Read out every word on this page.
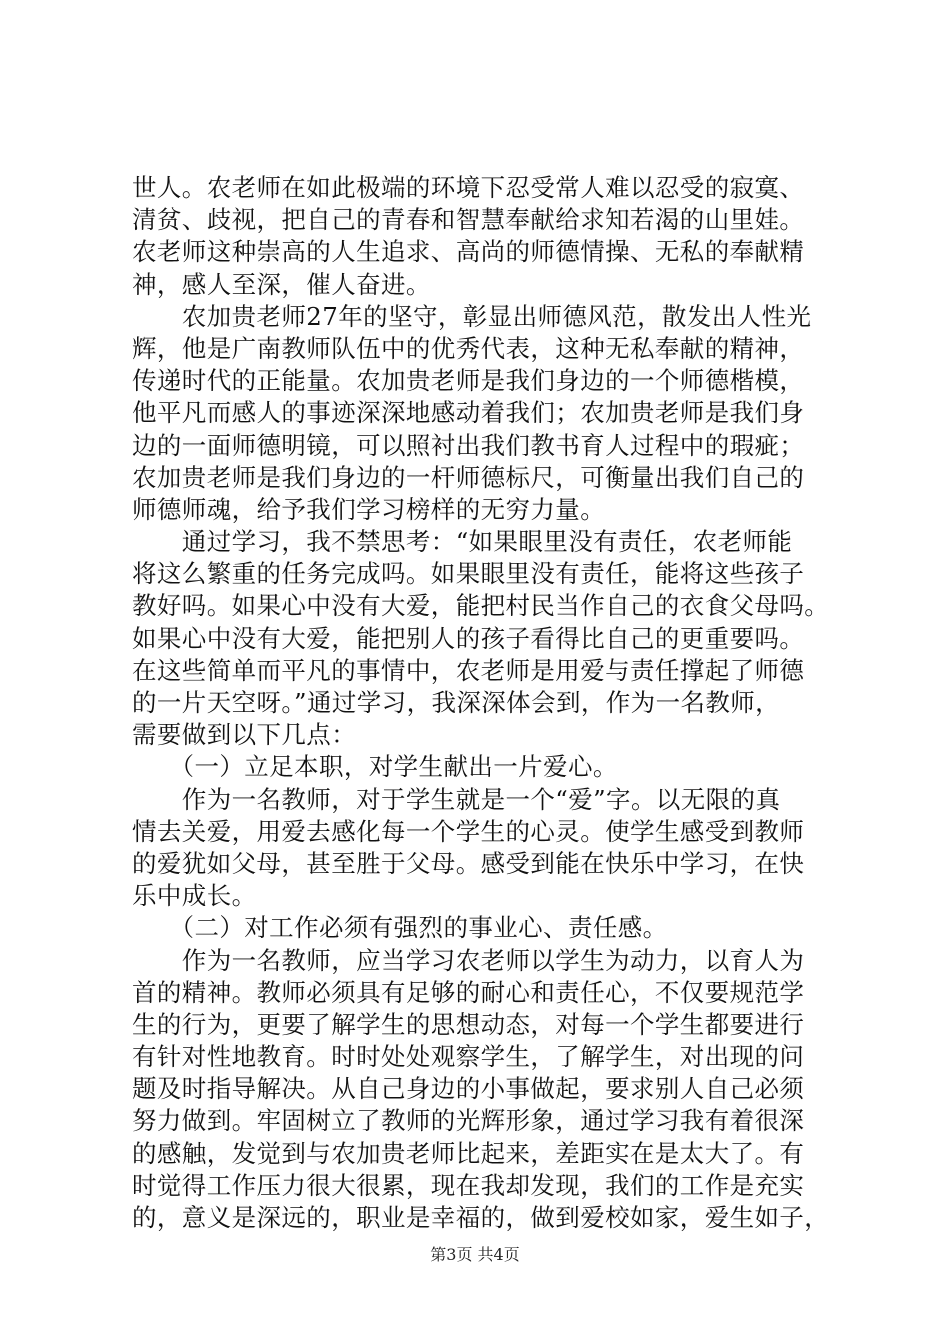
世人。农老师在如此极端的环境下忍受常人难以忍受的寂寞、
清贫、歧视，把自己的青春和智慧奉献给求知若渴的山里娃。
农老师这种崇高的人生追求、高尚的师德情操、无私的奉献精
神，感人至深，催人奋进。
　　农加贵老师27年的坚守，彰显出师德风范，散发出人性光
辉，他是广南教师队伍中的优秀代表，这种无私奉献的精神，
传递时代的正能量。农加贵老师是我们身边的一个师德楷模，
他平凡而感人的事迹深深地感动着我们；农加贵老师是我们身
边的一面师德明镜，可以照衬出我们教书育人过程中的瑕疵；
农加贵老师是我们身边的一杆师德标尺，可衡量出我们自己的
师德师魂，给予我们学习榜样的无穷力量。
　　通过学习，我不禁思考：“如果眼里没有责任，农老师能
将这么繁重的任务完成吗。如果眼里没有责任，能将这些孩子
教好吗。如果心中没有大爱，能把村民当作自己的衣食父母吗。
如果心中没有大爱，能把别人的孩子看得比自己的更重要吗。
在这些简单而平凡的事情中，农老师是用爱与责任撑起了师德
的一片天空呀。”通过学习，我深深体会到，作为一名教师，
需要做到以下几点：
　　（一）立足本职，对学生献出一片爱心。
　　作为一名教师，对于学生就是一个“爱”字。以无限的真
情去关爱，用爱去感化每一个学生的心灵。使学生感受到教师
的爱犹如父母，甚至胜于父母。感受到能在快乐中学习，在快
乐中成长。
　　（二）对工作必须有强烈的事业心、责任感。
　　作为一名教师，应当学习农老师以学生为动力，以育人为
首的精神。教师必须具有足够的耐心和责任心，不仅要规范学
生的行为，更要了解学生的思想动态，对每一个学生都要进行
有针对性地教育。时时处处观察学生，了解学生，对出现的问
题及时指导解决。从自己身边的小事做起，要求别人自己必须
努力做到。牢固树立了教师的光辉形象，通过学习我有着很深
的感触，发觉到与农加贵老师比起来，差距实在是太大了。有
时觉得工作压力很大很累，现在我却发现，我们的工作是充实
的，意义是深远的，职业是幸福的，做到爱校如家，爱生如子，
第3页 共4页
